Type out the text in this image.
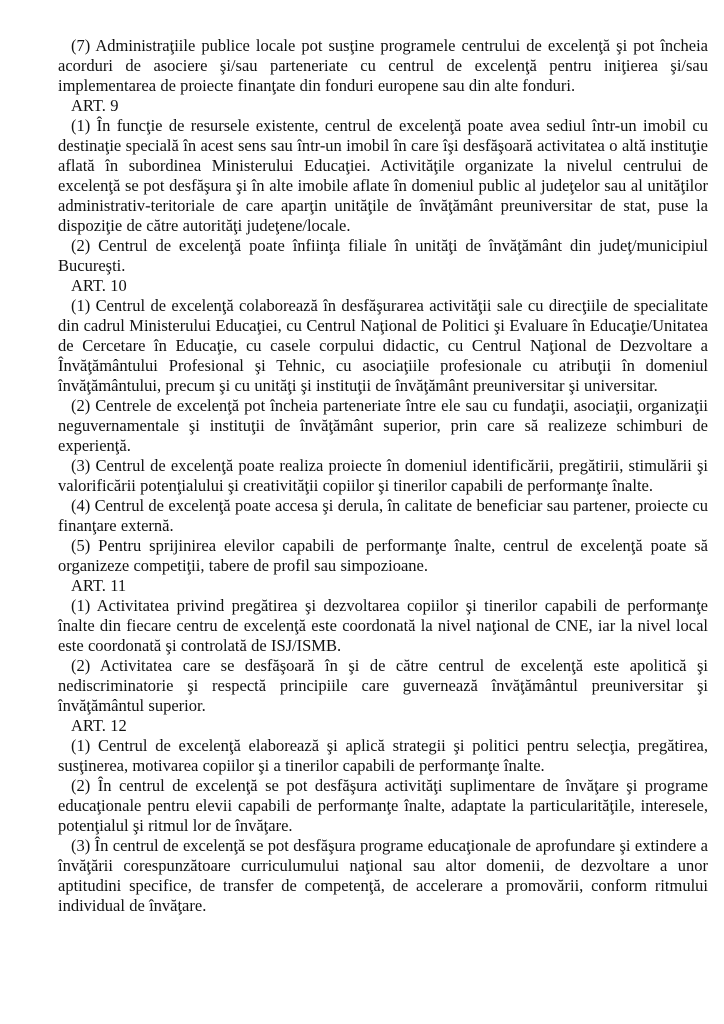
(7) Administraţiile publice locale pot susţine programele centrului de excelenţă şi pot încheia acorduri de asociere şi/sau parteneriate cu centrul de excelenţă pentru iniţierea şi/sau implementarea de proiecte finanţate din fonduri europene sau din alte fonduri.

ART. 9

(1) În funcţie de resursele existente, centrul de excelenţă poate avea sediul într-un imobil cu destinaţie specială în acest sens sau într-un imobil în care îşi desfăşoară activitatea o altă instituţie aflată în subordinea Ministerului Educaţiei. Activităţile organizate la nivelul centrului de excelenţă se pot desfăşura şi în alte imobile aflate în domeniul public al judeţelor sau al unităţilor administrativ-teritoriale de care aparţin unităţile de învăţământ preuniversitar de stat, puse la dispoziţie de către autorităţi judeţene/locale.

(2) Centrul de excelenţă poate înfiinţa filiale în unităţi de învăţământ din judeţ/municipiul Bucureşti.

ART. 10

(1) Centrul de excelenţă colaborează în desfăşurarea activităţii sale cu direcţiile de specialitate din cadrul Ministerului Educaţiei, cu Centrul Naţional de Politici şi Evaluare în Educaţie/Unitatea de Cercetare în Educaţie, cu casele corpului didactic, cu Centrul Naţional de Dezvoltare a Învăţământului Profesional şi Tehnic, cu asociaţiile profesionale cu atribuţii în domeniul învăţământului, precum şi cu unităţi şi instituţii de învăţământ preuniversitar şi universitar.

(2) Centrele de excelenţă pot încheia parteneriate între ele sau cu fundaţii, asociaţii, organizaţii neguvernamentale şi instituţii de învăţământ superior, prin care să realizeze schimburi de experienţă.

(3) Centrul de excelenţă poate realiza proiecte în domeniul identificării, pregătirii, stimulării şi valorificării potenţialului şi creativităţii copiilor şi tinerilor capabili de performanţe înalte.

(4) Centrul de excelenţă poate accesa şi derula, în calitate de beneficiar sau partener, proiecte cu finanţare externă.

(5) Pentru sprijinirea elevilor capabili de performanţe înalte, centrul de excelenţă poate să organizeze competiţii, tabere de profil sau simpozioane.

ART. 11

(1) Activitatea privind pregătirea şi dezvoltarea copiilor şi tinerilor capabili de performanţe înalte din fiecare centru de excelenţă este coordonată la nivel naţional de CNE, iar la nivel local este coordonată şi controlată de ISJ/ISMB.

(2) Activitatea care se desfăşoară în şi de către centrul de excelenţă este apolitică şi nediscriminatorie şi respectă principiile care guvernează învăţământul preuniversitar şi învăţământul superior.

ART. 12

(1) Centrul de excelenţă elaborează şi aplică strategii şi politici pentru selecţia, pregătirea, susţinerea, motivarea copiilor şi a tinerilor capabili de performanţe înalte.

(2) În centrul de excelenţă se pot desfăşura activităţi suplimentare de învăţare şi programe educaţionale pentru elevii capabili de performanţe înalte, adaptate la particularităţile, interesele, potenţialul şi ritmul lor de învăţare.

(3) În centrul de excelenţă se pot desfăşura programe educaţionale de aprofundare şi extindere a învăţării corespunzătoare curriculumului naţional sau altor domenii, de dezvoltare a unor aptitudini specifice, de transfer de competenţă, de accelerare a promovării, conform ritmului individual de învăţare.
